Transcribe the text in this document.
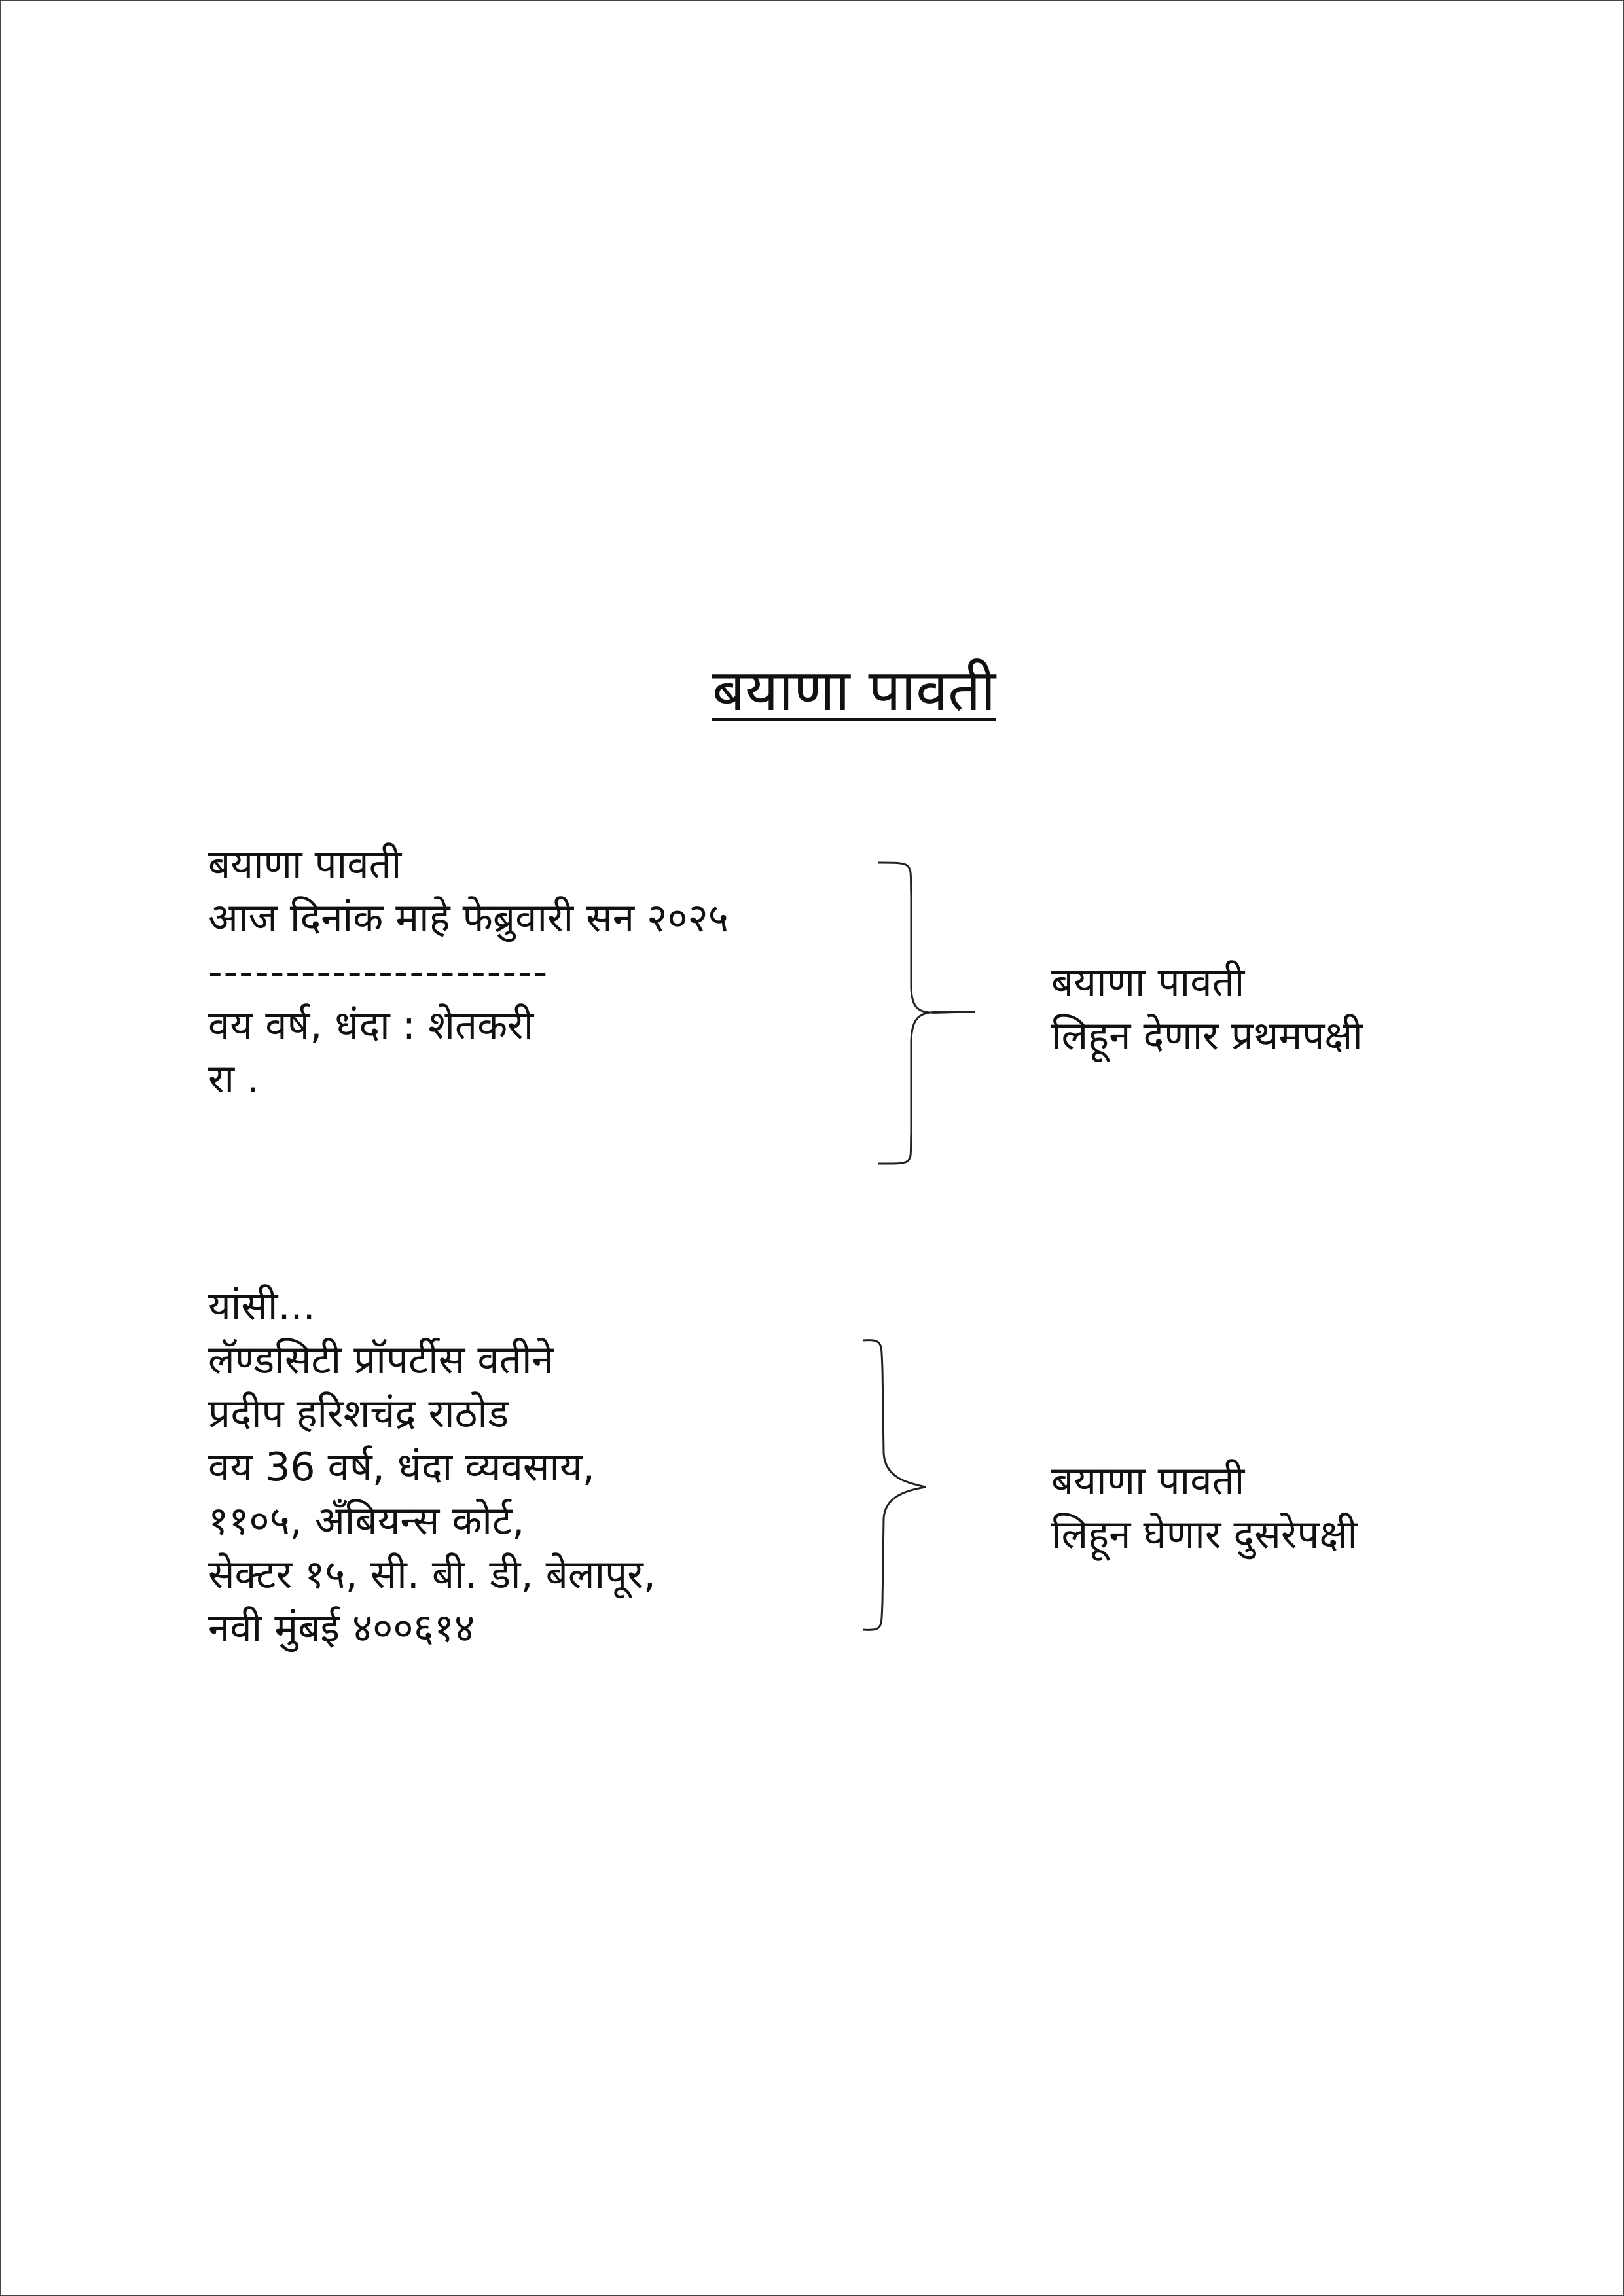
बयाणा पावती
बयाणा पावती
आज दिनांक माहे फेब्रुवारी सन २०२५
----------------------
वय वर्ष, धंदा : शेतकरी
रा .
बयाणा पावती
लिहून देणार प्रथमपक्षी
यांसी...
लॅण्डसिटी प्रॉपर्टीस वतीने
प्रदीप हरिशचंद्र राठोड
वय 36 वर्ष, धंदा व्यवसाय,
११०५, अँबियन्स कोर्ट,
सेक्टर १५, सी. बी. डी, बेलापूर,
नवी मुंबई ४००६१४
बयाणा पावती
लिहून घेणार दुसरेपक्षी
